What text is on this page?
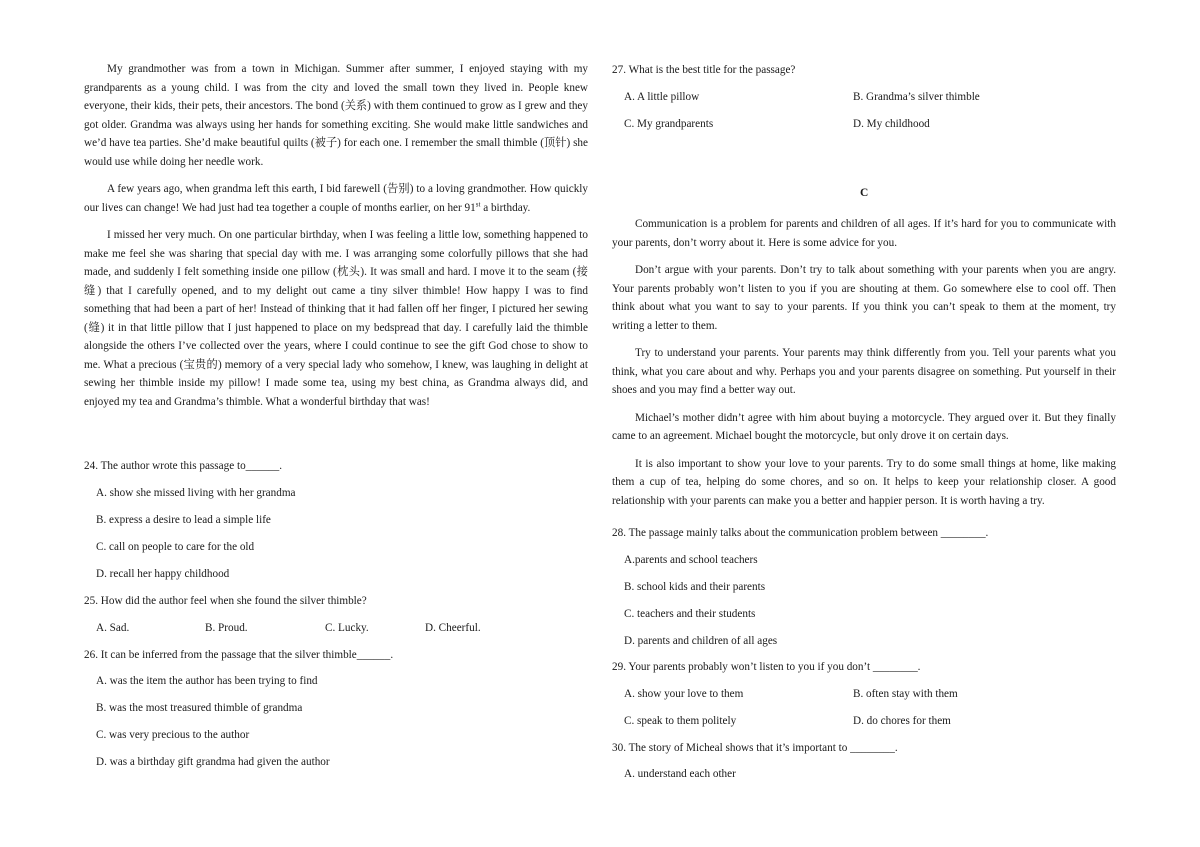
My grandmother was from a town in Michigan. Summer after summer, I enjoyed staying with my grandparents as a young child. I was from the city and loved the small town they lived in. People knew everyone, their kids, their pets, their ancestors. The bond (关系) with them continued to grow as I grew and they got older. Grandma was always using her hands for something exciting. She would make little sandwiches and we’d have tea parties. She’d make beautiful quilts (被子) for each one. I remember the small thimble (顶针) she would use while doing her needle work.

A few years ago, when grandma left this earth, I bid farewell (告别) to a loving grandmother. How quickly our lives can change! We had just had tea together a couple of months earlier, on her 91st a birthday.

I missed her very much. On one particular birthday, when I was feeling a little low, something happened to make me feel she was sharing that special day with me. I was arranging some colorfully pillows that she had made, and suddenly I felt something inside one pillow (枕头). It was small and hard. I move it to the seam (接缝) that I carefully opened, and to my delight out came a tiny silver thimble! How happy I was to find something that had been a part of her! Instead of thinking that it had fallen off her finger, I pictured her sewing (缝) it in that little pillow that I just happened to place on my bedspread that day. I carefully laid the thimble alongside the others I’ve collected over the years, where I could continue to see the gift God chose to show to me. What a precious (宝贵的) memory of a very special lady who somehow, I knew, was laughing in delight at sewing her thimble inside my pillow! I made some tea, using my best china, as Grandma always did, and enjoyed my tea and Grandma’s thimble. What a wonderful birthday that was!

24. The author wrote this passage to______.
A. show she missed living with her grandma
B. express a desire to lead a simple life
C. call on people to care for the old
D. recall her happy childhood
25. How did the author feel when she found the silver thimble?
A. Sad.	B. Proud.	C. Lucky.	D. Cheerful.
26. It can be inferred from the passage that the silver thimble______.
A. was the item the author has been trying to find
B. was the most treasured thimble of grandma
C. was very precious to the author
D. was a birthday gift grandma had given the author
27. What is the best title for the passage?
A. A little pillow	B. Grandma’s silver thimble
C. My grandparents	D. My childhood
C

Communication is a problem for parents and children of all ages. If it’s hard for you to communicate with your parents, don’t worry about it. Here is some advice for you.

Don’t argue with your parents. Don’t try to talk about something with your parents when you are angry. Your parents probably won’t listen to you if you are shouting at them. Go somewhere else to cool off. Then think about what you want to say to your parents. If you think you can’t speak to them at the moment, try writing a letter to them.

Try to understand your parents. Your parents may think differently from you. Tell your parents what you think, what you care about and why. Perhaps you and your parents disagree on something. Put yourself in their shoes and you may find a better way out.

Michael’s mother didn’t agree with him about buying a motorcycle. They argued over it. But they finally came to an agreement. Michael bought the motorcycle, but only drove it on certain days.

It is also important to show your love to your parents. Try to do some small things at home, like making them a cup of tea, helping do some chores, and so on. It helps to keep your relationship closer. A good relationship with your parents can make you a better and happier person. It is worth having a try.

28. The passage mainly talks about the communication problem between ________.
A.parents and school teachers
B. school kids and their parents
C. teachers and their students
D. parents and children of all ages
29. Your parents probably won’t listen to you if you don’t ________.
A. show your love to them	B. often stay with them
C. speak to them politely	D. do chores for them
30. The story of Micheal shows that it’s important to ________.
A. understand each other
